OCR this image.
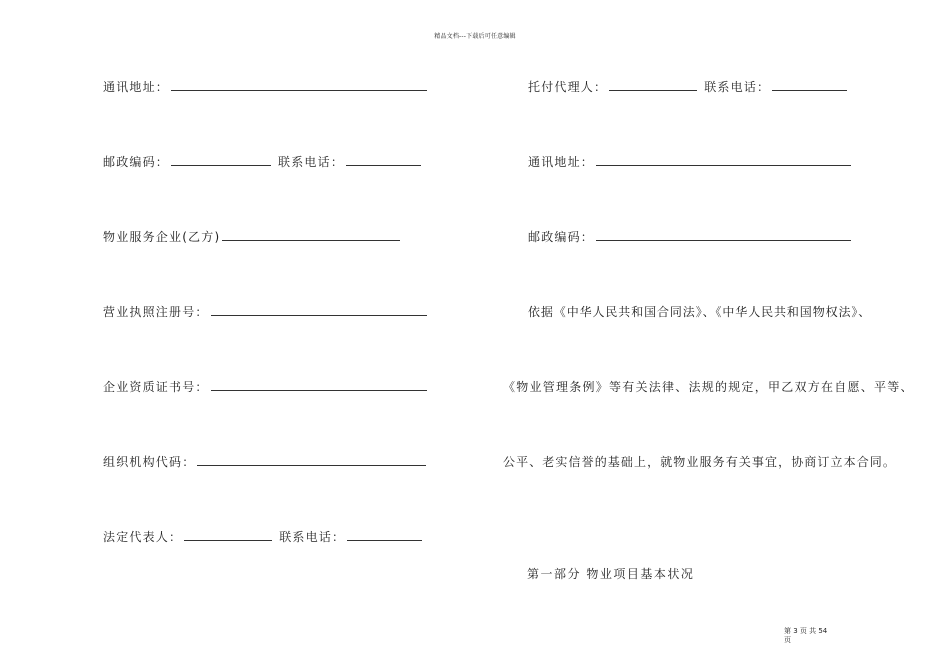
精品文档---下载后可任意编辑
通讯地址：
邮政编码：	联系电话：
物业服务企业(乙方)
营业执照注册号：
企业资质证书号：
组织机构代码：
法定代表人：	联系电话：
托付代理人：	联系电话：
通讯地址：
邮政编码：
依据《中华人民共和国合同法》、《中华人民共和国物权法》、
《物业管理条例》等有关法律、法规的规定，甲乙双方在自愿、平等、
公平、老实信誉的基础上，就物业服务有关事宜，协商订立本合同。
第一部分 物业项目基本状况
第 3 页 共 54
页
